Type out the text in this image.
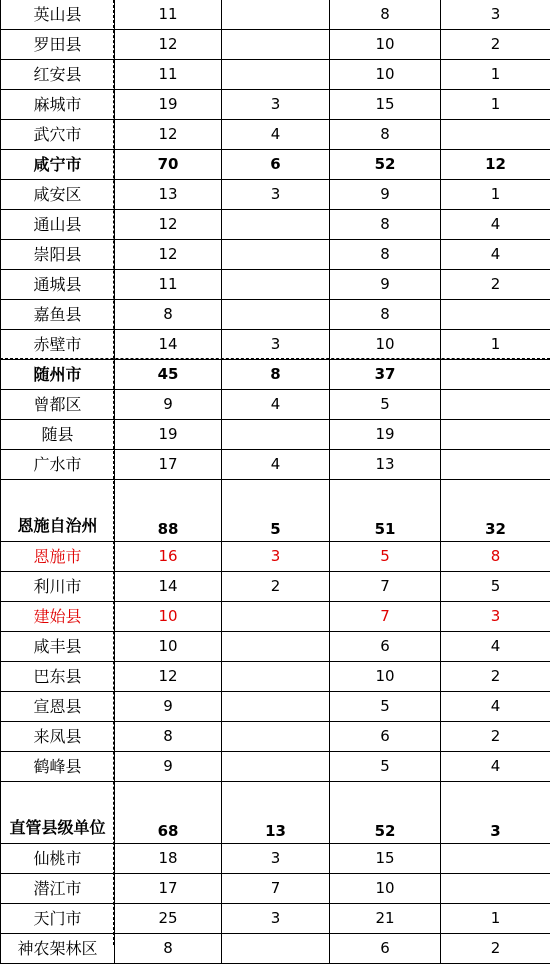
英山县	11		8	3
罗田县	12		10	2
红安县	11		10	1
麻城市	19	3	15	1
武穴市	12	4	8	
咸宁市	70	6	52	12
咸安区	13	3	9	1
通山县	12		8	4
崇阳县	12		8	4
通城县	11		9	2
嘉鱼县	8		8	
赤壁市	14	3	10	1
随州市	45	8	37	
曾都区	9	4	5	
随县	19		19	
广水市	17	4	13	
恩施自治州	88	5	51	32
恩施市	16	3	5	8
利川市	14	2	7	5
建始县	10		7	3
咸丰县	10		6	4
巴东县	12		10	2
宣恩县	9		5	4
来凤县	8		6	2
鹤峰县	9		5	4
直管县级单位	68	13	52	3
仙桃市	18	3	15	
潜江市	17	7	10	
天门市	25	3	21	1
神农架林区	8		6	2
